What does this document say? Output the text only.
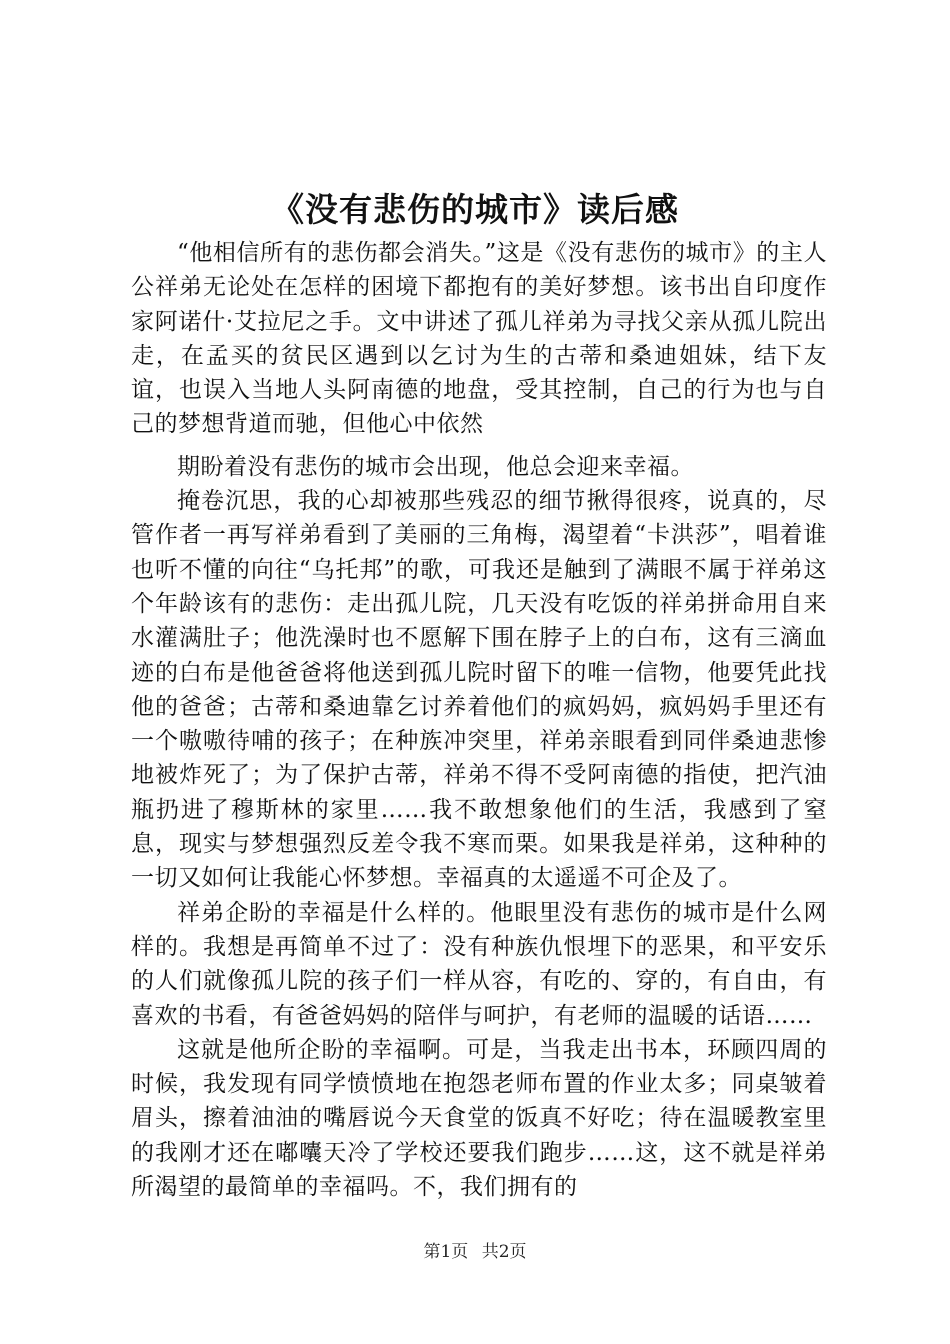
《没有悲伤的城市》读后感

“他相信所有的悲伤都会消失。”这是《没有悲伤的城市》的主人公祥弟无论处在怎样的困境下都抱有的美好梦想。该书出自印度作家阿诺什·艾拉尼之手。文中讲述了孤儿祥弟为寻找父亲从孤儿院出走，在孟买的贫民区遇到以乞讨为生的古蒂和桑迪姐妹，结下友谊，也误入当地人头阿南德的地盘，受其控制，自己的行为也与自己的梦想背道而驰，但他心中依然

期盼着没有悲伤的城市会出现，他总会迎来幸福。

掩卷沉思，我的心却被那些残忍的细节揪得很疼，说真的，尽管作者一再写祥弟看到了美丽的三角梅，渴望着“卡洪莎”，唱着谁也听不懂的向往“乌托邦”的歌，可我还是触到了满眼不属于祥弟这个年龄该有的悲伤：走出孤儿院，几天没有吃饭的祥弟拼命用自来水灌满肚子；他洗澡时也不愿解下围在脖子上的白布，这有三滴血迹的白布是他爸爸将他送到孤儿院时留下的唯一信物，他要凭此找他的爸爸；古蒂和桑迪靠乞讨养着他们的疯妈妈，疯妈妈手里还有一个嗷嗷待哺的孩子；在种族冲突里，祥弟亲眼看到同伴桑迪悲惨地被炸死了；为了保护古蒂，祥弟不得不受阿南德的指使，把汽油瓶扔进了穆斯林的家里……我不敢想象他们的生活，我感到了窒息，现实与梦想强烈反差令我不寒而栗。如果我是祥弟，这种种的一切又如何让我能心怀梦想。幸福真的太遥遥不可企及了。

祥弟企盼的幸福是什么样的。他眼里没有悲伤的城市是什么网样的。我想是再简单不过了：没有种族仇恨埋下的恶果，和平安乐的人们就像孤儿院的孩子们一样从容，有吃的、穿的，有自由，有喜欢的书看，有爸爸妈妈的陪伴与呵护，有老师的温暖的话语……

这就是他所企盼的幸福啊。可是，当我走出书本，环顾四周的时候，我发现有同学愤愤地在抱怨老师布置的作业太多；同桌皱着眉头，擦着油油的嘴唇说今天食堂的饭真不好吃；待在温暖教室里的我刚才还在嘟囔天冷了学校还要我们跑步……这，这不就是祥弟所渴望的最简单的幸福吗。不，我们拥有的

第1页 共2页
